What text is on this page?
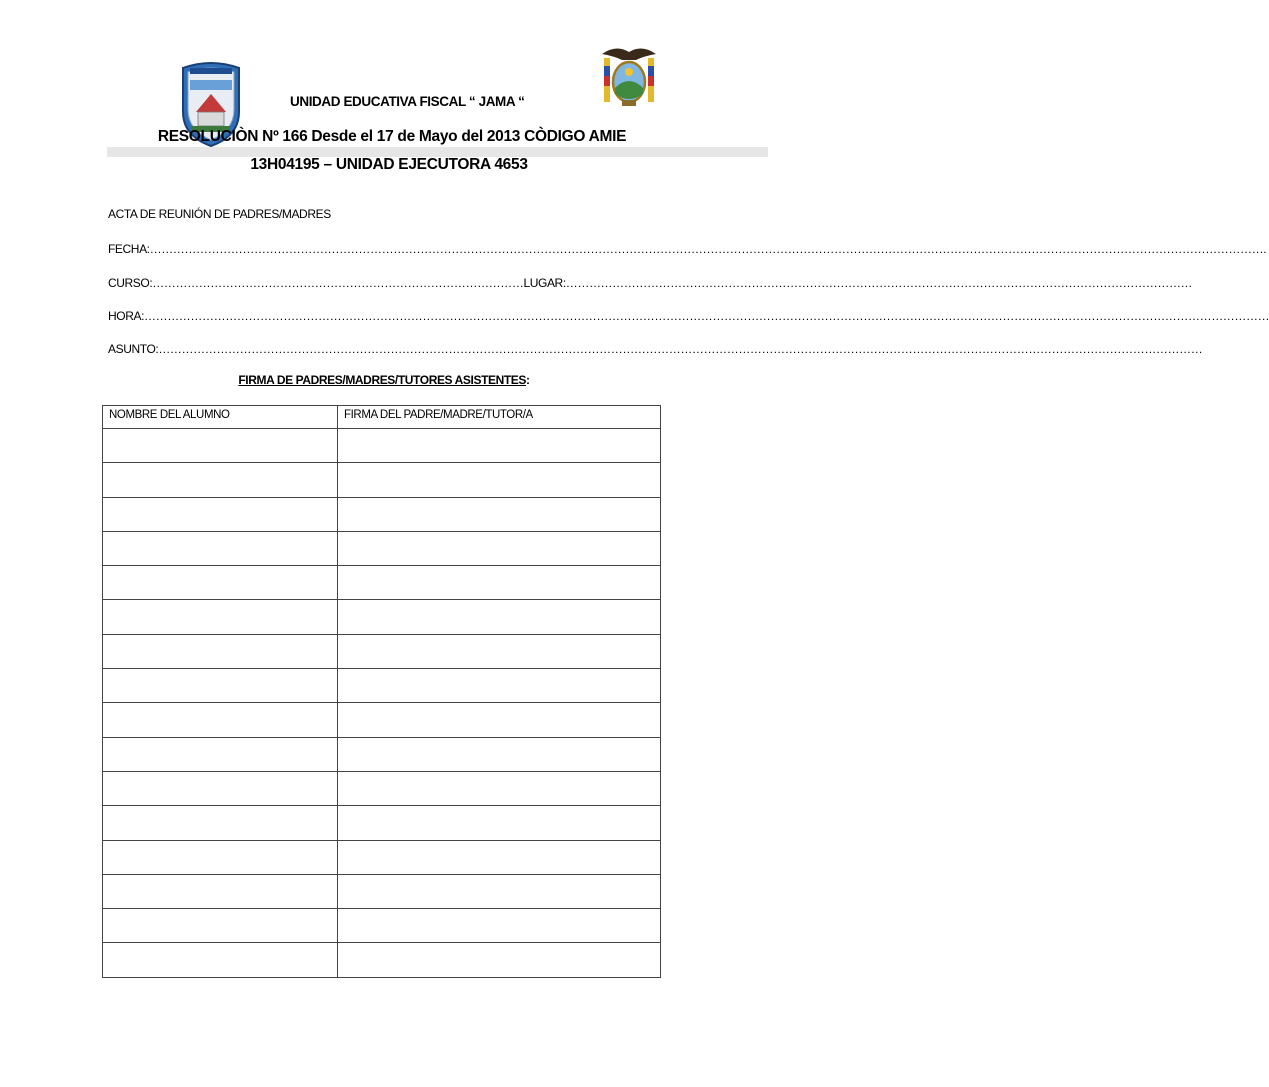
UNIDAD EDUCATIVA FISCAL “ JAMA “
RESOLUCIÒN Nº 166 Desde el 17 de Mayo del 2013 CÒDIGO AMIE
13H04195 – UNIDAD EJECUTORA 4653
ACTA DE REUNIÓN DE PADRES/MADRES
FECHA:……………………………………………………………………………………………………………………………………………………………………………………………………………………………………………………………….
CURSO:……………………………………………………………………………………LUGAR:………………………………………………………………………………………………………………………………………………
HORA:…………………………………………………………………………………………………………………………………………………………………………………………………………………………………………………………………
ASUNTO:………………………………………………………………………………………………………………………………………………………………………………………………………………………………………………
FIRMA DE PADRES/MADRES/TUTORES ASISTENTES:
NOMBRE DEL ALUMNO	FIRMA DEL PADRE/MADRE/TUTOR/A
